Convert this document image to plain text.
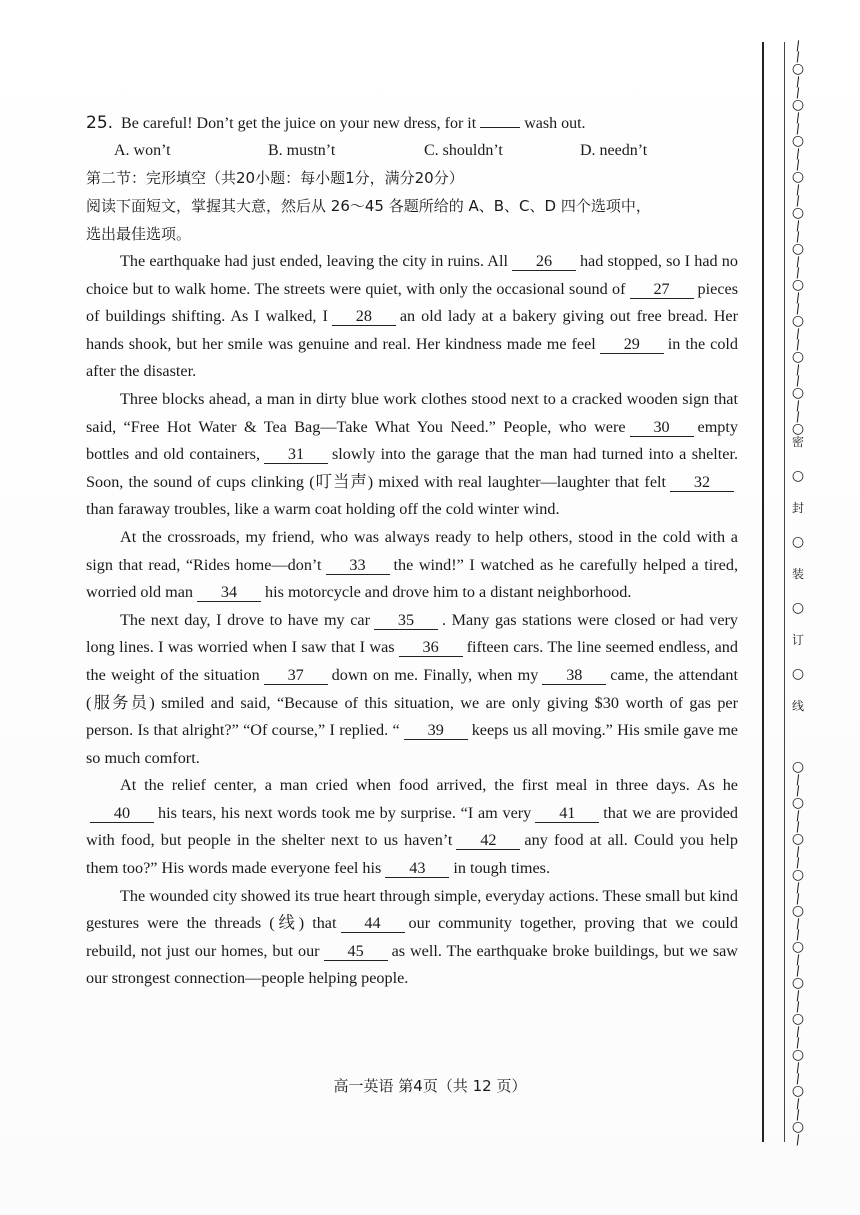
25. Be careful! Don’t get the juice on your new dress, for it	wash out.
A. won’t	B. mustn’t	C. shouldn’t	D. needn’t
第二节：完形填空（共20小题：每小题1分，满分20分）
阅读下面短文，掌握其大意，然后从 26～45 各题所给的 A、B、C、D 四个选项中，
选出最佳选项。

The earthquake had just ended, leaving the city in ruins. All 26 had stopped, so I had no choice but to walk home. The streets were quiet, with only the occasional sound of 27 pieces of buildings shifting. As I walked, I 28 an old lady at a bakery giving out free bread. Her hands shook, but her smile was genuine and real. Her kindness made me feel 29 in the cold after the disaster.

Three blocks ahead, a man in dirty blue work clothes stood next to a cracked wooden sign that said, “Free Hot Water & Tea Bag—Take What You Need.” People, who were 30 empty bottles and old containers, 31 slowly into the garage that the man had turned into a shelter. Soon, the sound of cups clinking (叮当声) mixed with real laughter—laughter that felt 32than faraway troubles, like a warm coat holding off the cold winter wind.

At the crossroads, my friend, who was always ready to help others, stood in the cold with a sign that read, “Rides home—don’t 33 the wind!” I watched as he carefully helped a tired, worried old man 34 his motorcycle and drove him to a distant neighborhood.

The next day, I drove to have my car 35 . Many gas stations were closed or had very long lines. I was worried when I saw that I was 36 fifteen cars. The line seemed endless, and the weight of the situation 37 down on me. Finally, when my 38 came, the attendant (服务员) smiled and said, “Because of this situation, we are only giving $30 worth of gas per person. Is that alright?” “Of course,” I replied. “ 39 keeps us all moving.” His smile gave me so much comfort.

At the relief center, a man cried when food arrived, the first meal in three days. As he40 his tears, his next words took me by surprise. “I am very 41 that we are provided with food, but people in the shelter next to us haven’t 42 any food at all. Could you help them too?” His words made everyone feel his 43 in tough times.

The wounded city showed its true heart through simple, everyday actions. These small but kind gestures were the threads (线) that 44 our community together, proving that we could rebuild, not just our homes, but our 45 as well. The earthquake broke buildings, but we saw our strongest connection—people helping people.

高一英语 第4页（共 12 页）
∕
∕
○
∕
∕
○
∕
∕
○
∕
∕
○
∕
∕
○
∕
∕
○
∕
∕
○
∕
∕
○
∕
∕
○
∕
∕
○
∕
∕
○
密
○
封
○
装
○
订
○
线
○
∕
∕
○
∕
∕
○
∕
∕
○
∕
∕
○
∕
∕
○
∕
∕
○
∕
∕
○
∕
∕
○
∕
∕
○
∕
∕
○
∕
